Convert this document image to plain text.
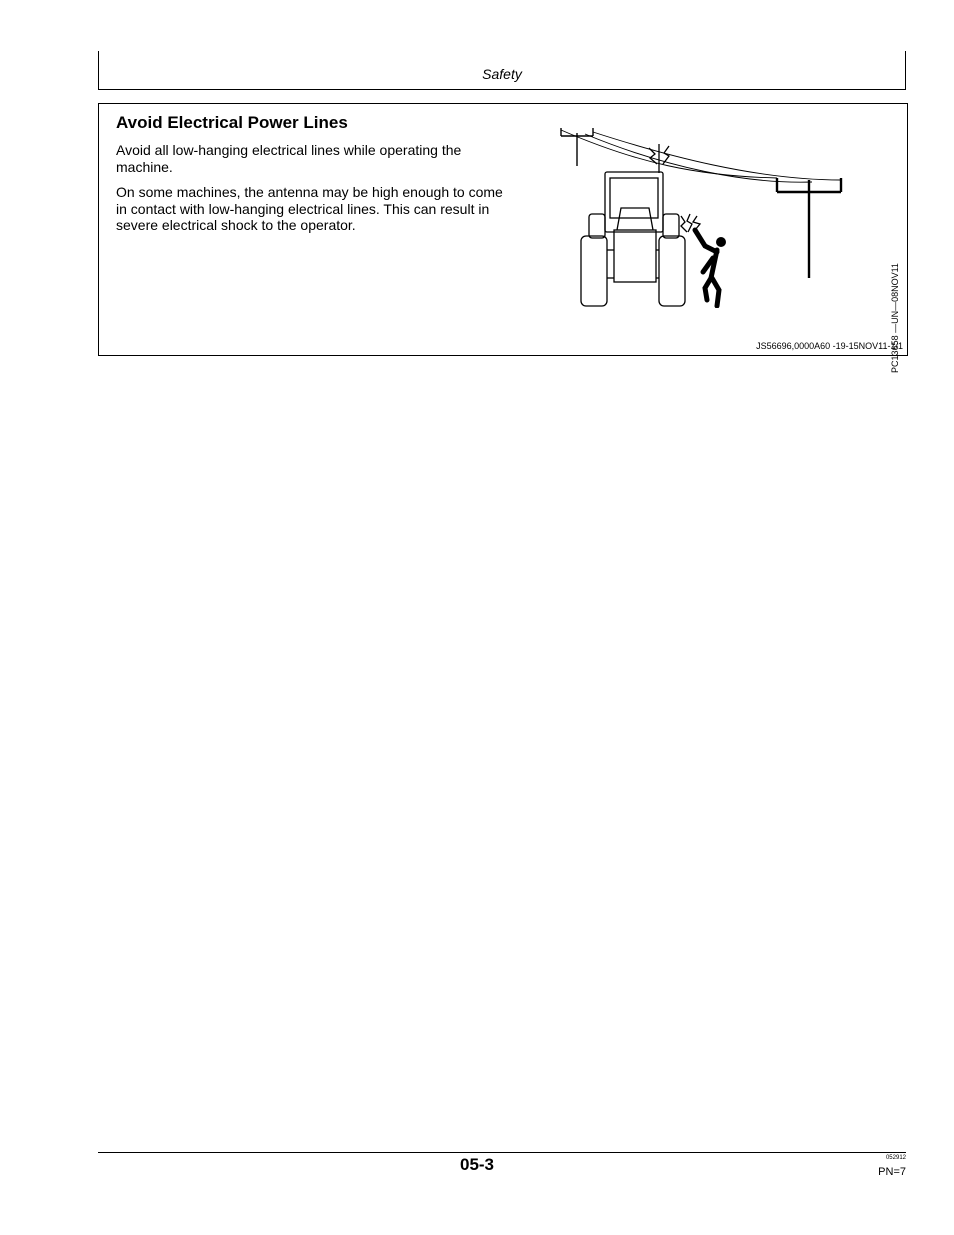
Safety
Avoid Electrical Power Lines
Avoid all low-hanging electrical lines while operating the machine.
On some machines, the antenna may be high enough to come in contact with low-hanging electrical lines. This can result in severe electrical shock to the operator.
PC13658 —UN—08NOV11
JS56696,0000A60 -19-15NOV11-1/1
05-3	052912
PN=7
